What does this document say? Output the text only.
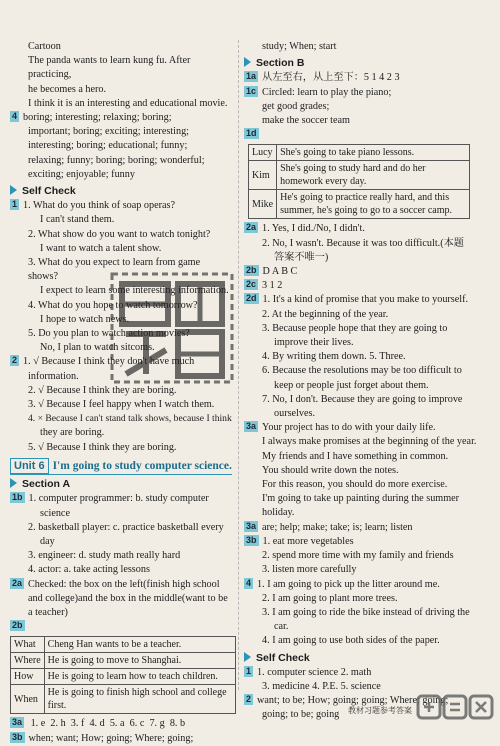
Cartoon
The panda wants to learn kung fu. After practicing,
he becomes a hero.
I think it is an interesting and educational movie.
4 boring; interesting; relaxing; boring;
important; boring; exciting; interesting;
interesting; boring; educational; funny;
relaxing; funny; boring; boring; wonderful;
exciting; enjoyable; funny
Self Check
1 1. What do you think of soap operas?
I can't stand them.
2. What show do you want to watch tonight?
I want to watch a talent show.
3. What do you expect to learn from game shows?
I expect to learn some interesting information.
4. What do you hope to watch tomorrow?
I hope to watch news.
5. Do you plan to watch action movies?
No, I plan to watch sitcoms.
2 1. √ Because I think they don't have much
information.
2. √ Because I think they are boring.
3. √ Because I feel happy when I watch them.
4. × Because I can't stand talk shows, because I think
they are boring.
5. √ Because I think they are boring.
Unit 6 I'm going to study computer science.
Section A
1b 1. computer programmer: b. study computer
science
2. basketball player: c. practice basketball every
day
3. engineer: d. study math really hard
4. actor: a. take acting lessons
2a Checked: the box on the left(finish high school
and college)and the box in the middle(want to be
a teacher)
2b
What	Cheng Han wants to be a teacher.
Where	He is going to move to Shanghai.
How	He is going to learn how to teach children.
When	He is going to finish high school and college first.
3a 1. e 2. h 3. f 4. d 5. a 6. c 7. g 8. b
3b when; want; How; going; Where; going;
study; When; start
Section B
1a 从左至右，从上至下：5 1 4 2 3
1c Circled: learn to play the piano;
get good grades;
make the soccer team
1d
Lucy	She's going to take piano lessons.
Kim	She's going to study hard and do her homework every day.
Mike	He's going to practice really hard, and this summer, he's going to go to a soccer camp.
2a 1. Yes, I did./No, I didn't.
2. No, I wasn't. Because it was too difficult.(本题
答案不唯一)
2b D A B C
2c 3 1 2
2d 1. It's a kind of promise that you make to yourself.
2. At the beginning of the year.
3. Because people hope that they are going to
improve their lives.
4. By writing them down. 5. Three.
6. Because the resolutions may be too difficult to
keep or people just forget about them.
7. No, I don't. Because they are going to improve
ourselves.
3a Your project has to do with your daily life.
I always make promises at the beginning of the year.
My friends and I have something in common.
You should write down the notes.
For this reason, you should do more exercise.
I'm going to take up painting during the summer
holiday.
3a are; help; make; take; is; learn; listen
3b 1. eat more vegetables
2. spend more time with my family and friends
3. listen more carefully
4 1. I am going to pick up the litter around me.
2. I am going to plant more trees.
3. I am going to ride the bike instead of driving the
car.
4. I am going to use both sides of the paper.
Self Check
1 1. computer science 2. math
3. medicine 4. P.E. 5. science
2 want; to be; How; going; going; Where; going;
going; to be; going	教材习题参考答案
